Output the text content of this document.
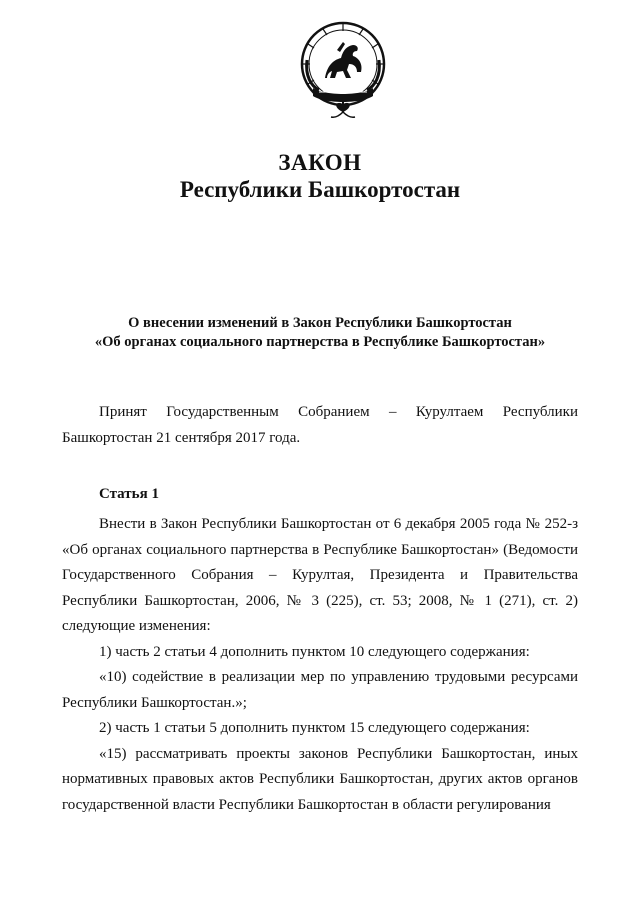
ЗАКОН
Республики Башкортостан
О внесении изменений в Закон Республики Башкортостан
«Об органах социального партнерства в Республике Башкортостан»

Принят Государственным Собранием – Курултаем Республики Башкортостан 21 сентября 2017 года.

Статья 1

Внести в Закон Республики Башкортостан от 6 декабря 2005 года № 252-з «Об органах социального партнерства в Республике Башкортостан» (Ведомости Государственного Собрания – Курултая, Президента и Правительства Республики Башкортостан, 2006, № 3 (225), ст. 53; 2008, № 1 (271), ст. 2) следующие изменения:

1) часть 2 статьи 4 дополнить пунктом 10 следующего содержания:

«10) содействие в реализации мер по управлению трудовыми ресурсами Республики Башкортостан.»;

2) часть 1 статьи 5 дополнить пунктом 15 следующего содержания:

«15) рассматривать проекты законов Республики Башкортостан, иных нормативных правовых актов Республики Башкортостан, других актов органов государственной власти Республики Башкортостан в области регулирования
